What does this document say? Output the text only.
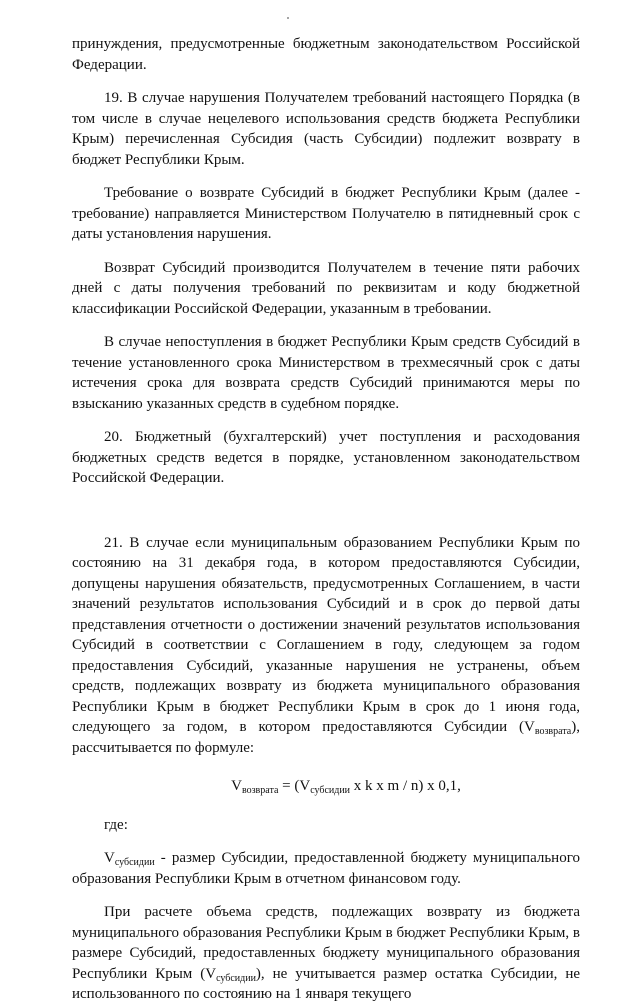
принуждения, предусмотренные бюджетным законодательством Российской Федерации.

19. В случае нарушения Получателем требований настоящего Порядка (в том числе в случае нецелевого использования средств бюджета Республики Крым) перечисленная Субсидия (часть Субсидии) подлежит возврату в бюджет Республики Крым.

Требование о возврате Субсидий в бюджет Республики Крым (далее - требование) направляется Министерством Получателю в пятидневный срок с даты установления нарушения.

Возврат Субсидий производится Получателем в течение пяти рабочих дней с даты получения требований по реквизитам и коду бюджетной классификации Российской Федерации, указанным в требовании.

В случае непоступления в бюджет Республики Крым средств Субсидий в течение установленного срока Министерством в трехмесячный срок с даты истечения срока для возврата средств Субсидий принимаются меры по взысканию указанных средств в судебном порядке.

20. Бюджетный (бухгалтерский) учет поступления и расходования бюджетных средств ведется в порядке, установленном законодательством Российской Федерации.

21. В случае если муниципальным образованием Республики Крым по состоянию на 31 декабря года, в котором предоставляются Субсидии, допущены нарушения обязательств, предусмотренных Соглашением, в части значений результатов использования Субсидий и в срок до первой даты представления отчетности о достижении значений результатов использования Субсидий в соответствии с Соглашением в году, следующем за годом предоставления Субсидий, указанные нарушения не устранены, объем средств, подлежащих возврату из бюджета муниципального образования Республики Крым в бюджет Республики Крым в срок до 1 июня года, следующего за годом, в котором предоставляются Субсидии $(V_{возврата})$, рассчитывается по формуле:

$V_{возврата} = (V_{субсидии}$ x k x m / n) x 0,1,

где:

$V_{субсидии}$ - размер Субсидии, предоставленной бюджету муниципального образования Республики Крым в отчетном финансовом году.

При расчете объема средств, подлежащих возврату из бюджета муниципального образования Республики Крым в бюджет Республики Крым, в размере Субсидий, предоставленных бюджету муниципального образования Республики Крым $(V_{субсидии})$, не учитывается размер остатка Субсидии, не использованного по состоянию на 1 января текущего
